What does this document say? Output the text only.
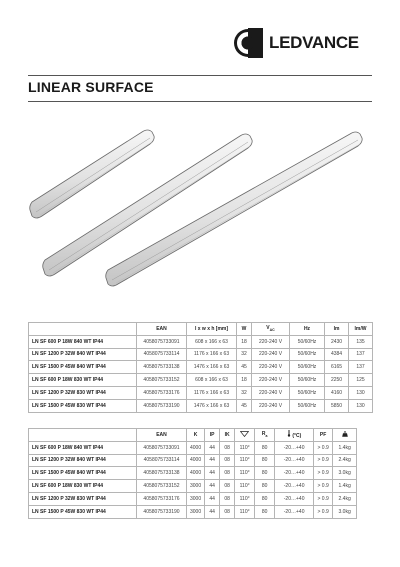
LEDVANCE
LINEAR SURFACE
	EAN	l x w x h [mm]	W	$V_{AC}$	Hz	lm	lm/W
LN SF 600 P 18W 840 WT IP44	4058075733091	608 x 166 x 63	18	220-240 V	50/60Hz	2430	135
LN SF 1200 P 32W 840 WT IP44	4058075733114	1176 x 166 x 63	32	220-240 V	50/60Hz	4384	137
LN SF 1500 P 45W 840 WT IP44	4058075733138	1476 x 166 x 63	45	220-240 V	50/60Hz	6165	137
LN SF 600 P 18W 830 WT IP44	4058075733152	608 x 166 x 63	18	220-240 V	50/60Hz	2250	125
LN SF 1200 P 32W 830 WT IP44	4058075733176	1176 x 166 x 63	32	220-240 V	50/60Hz	4160	130
LN SF 1500 P 45W 830 WT IP44	4058075733190	1476 x 166 x 63	45	220-240 V	50/60Hz	5850	130
	EAN	K	IP	IK		$R_a$	(°C)	PF	
LN SF 600 P 18W 840 WT IP44	4058075733091	4000	44	08	110°	80	-20…+40	> 0.9	1.4kg
LN SF 1200 P 32W 840 WT IP44	4058075733114	4000	44	08	110°	80	-20…+40	> 0.9	2.4kg
LN SF 1500 P 45W 840 WT IP44	4058075733138	4000	44	08	110°	80	-20…+40	> 0.9	3.0kg
LN SF 600 P 18W 830 WT IP44	4058075733152	3000	44	08	110°	80	-20…+40	> 0.9	1.4kg
LN SF 1200 P 32W 830 WT IP44	4058075733176	3000	44	08	110°	80	-20…+40	> 0.9	2.4kg
LN SF 1500 P 45W 830 WT IP44	4058075733190	3000	44	08	110°	80	-20…+40	> 0.9	3.0kg
